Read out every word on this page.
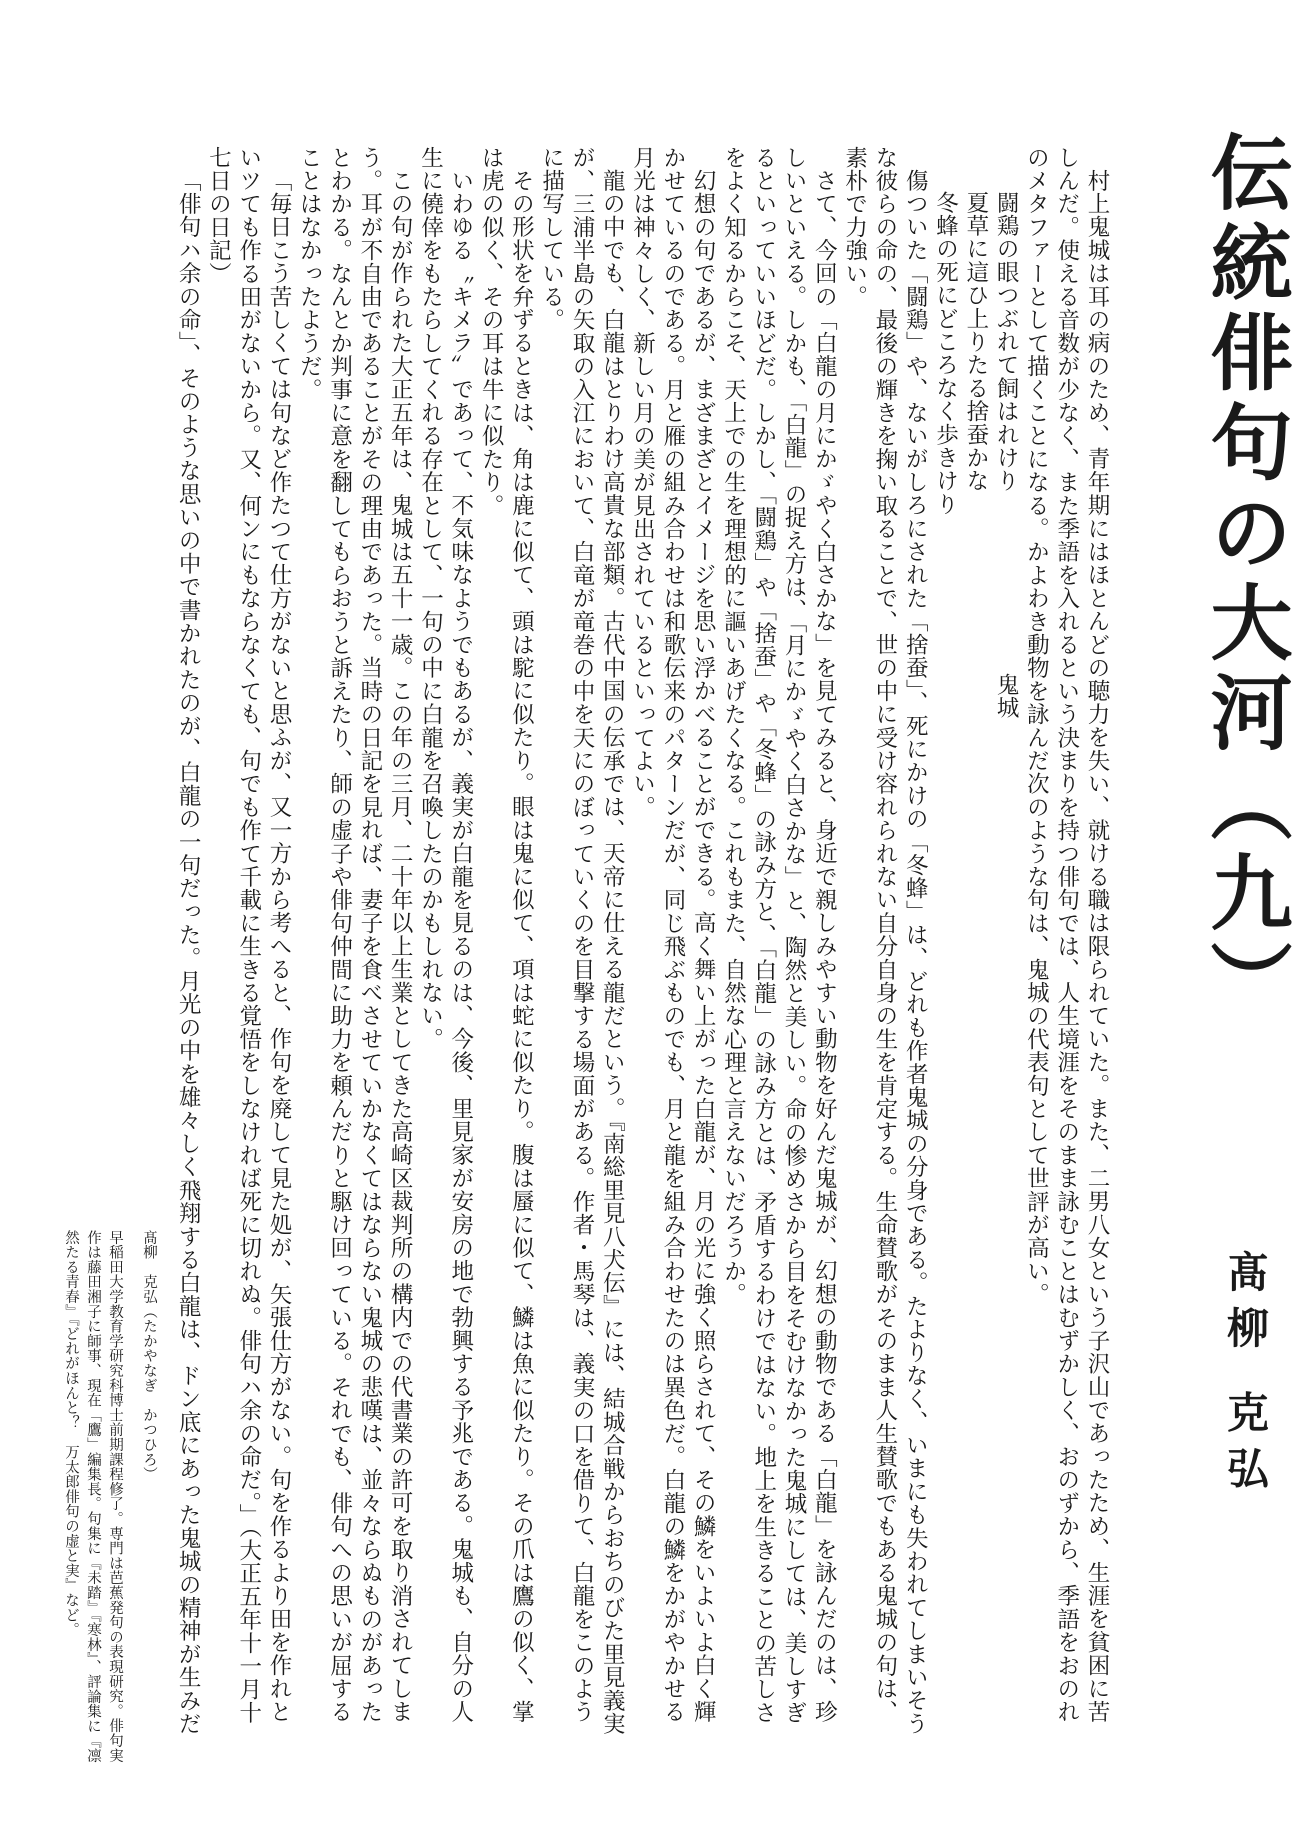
伝統俳句の大河（九）
髙柳 克弘

村上鬼城は耳の病のため、青年期にはほとんどの聴力を失い、就ける職は限られていた。また、二男八女という子沢山であったため、生涯を貧困に苦しんだ。使える音数が少なく、また季語を入れるという決まりを持つ俳句では、人生境涯をそのまま詠むことはむずかしく、おのずから、季語をおのれのメタファーとして描くことになる。かよわき動物を詠んだ次のような句は、鬼城の代表句として世評が高い。

闘鶏の眼つぶれて飼はれけり鬼城

夏草に這ひ上りたる捨蚕かな

冬蜂の死にどころなく歩きけり

傷ついた「闘鶏」や、ないがしろにされた「捨蚕」、死にかけの「冬蜂」は、どれも作者鬼城の分身である。たよりなく、いまにも失われてしまいそうな彼らの命の、最後の輝きを掬い取ることで、世の中に受け容れられない自分自身の生を肯定する。生命賛歌がそのまま人生賛歌でもある鬼城の句は、素朴で力強い。

さて、今回の「白龍の月にかゞやく白さかな」を見てみると、身近で親しみやすい動物を好んだ鬼城が、幻想の動物である「白龍」を詠んだのは、珍しいといえる。しかも、「白龍」の捉え方は、「月にかゞやく白さかな」と、陶然と美しい。命の惨めさから目をそむけなかった鬼城にしては、美しすぎるといっていいほどだ。しかし、「闘鶏」や「捨蚕」や「冬蜂」の詠み方と、「白龍」の詠み方とは、矛盾するわけではない。地上を生きることの苦しさをよく知るからこそ、天上での生を理想的に謳いあげたくなる。これもまた、自然な心理と言えないだろうか。

幻想の句であるが、まざまざとイメージを思い浮かべることができる。高く舞い上がった白龍が、月の光に強く照らされて、その鱗をいよいよ白く輝かせているのである。月と雁の組み合わせは和歌伝来のパターンだが、同じ飛ぶものでも、月と龍を組み合わせたのは異色だ。白龍の鱗をかがやかせる月光は神々しく、新しい月の美が見出されているといってよい。

龍の中でも、白龍はとりわけ高貴な部類。古代中国の伝承では、天帝に仕える龍だという。『南総里見八犬伝』には、結城合戦からおちのびた里見義実が、三浦半島の矢取の入江において、白竜が竜巻の中を天にのぼっていくのを目撃する場面がある。作者・馬琴は、義実の口を借りて、白龍をこのように描写している。

その形状を弁ずるときは、角は鹿に似て、頭は駝に似たり。眼は鬼に似て、項は蛇に似たり。腹は蜃に似て、鱗は魚に似たり。その爪は鷹の似く、掌は虎の似く、その耳は牛に似たり。

いわゆる〝キメラ〟であって、不気味なようでもあるが、義実が白龍を見るのは、今後、里見家が安房の地で勃興する予兆である。鬼城も、自分の人生に僥倖をもたらしてくれる存在として、一句の中に白龍を召喚したのかもしれない。

この句が作られた大正五年は、鬼城は五十一歳。この年の三月、二十年以上生業としてきた高崎区裁判所の構内での代書業の許可を取り消されてしまう。耳が不自由であることがその理由であった。当時の日記を見れば、妻子を食べさせていかなくてはならない鬼城の悲嘆は、並々ならぬものがあったとわかる。なんとか判事に意を翻してもらおうと訴えたり、師の虚子や俳句仲間に助力を頼んだりと駆け回っている。それでも、俳句への思いが屈することはなかったようだ。

「毎日こう苦しくては句など作たつて仕方がないと思ふが、又一方から考へると、作句を廃して見た処が、矢張仕方がない。句を作るより田を作れといツても作る田がないから。又、何ンにもならなくても、句でも作て千載に生きる覚悟をしなければ死に切れぬ。俳句ハ余の命だ。」（大正五年十一月十七日の日記）

「俳句ハ余の命」、そのような思いの中で書かれたのが、白龍の一句だった。月光の中を雄々しく飛翔する白龍は、ドン底にあった鬼城の精神が生みだ

髙柳　克弘（たかやなぎ　かつひろ）

早稲田大学教育学研究科博士前期課程修了。専門は芭蕉発句の表現研究。俳句実作は藤田湘子に師事、現在「鷹」編集長。句集に『未踏』『寒林』、評論集に『凛然たる青春』『どれがほんと？　万太郎俳句の虚と実』など。
